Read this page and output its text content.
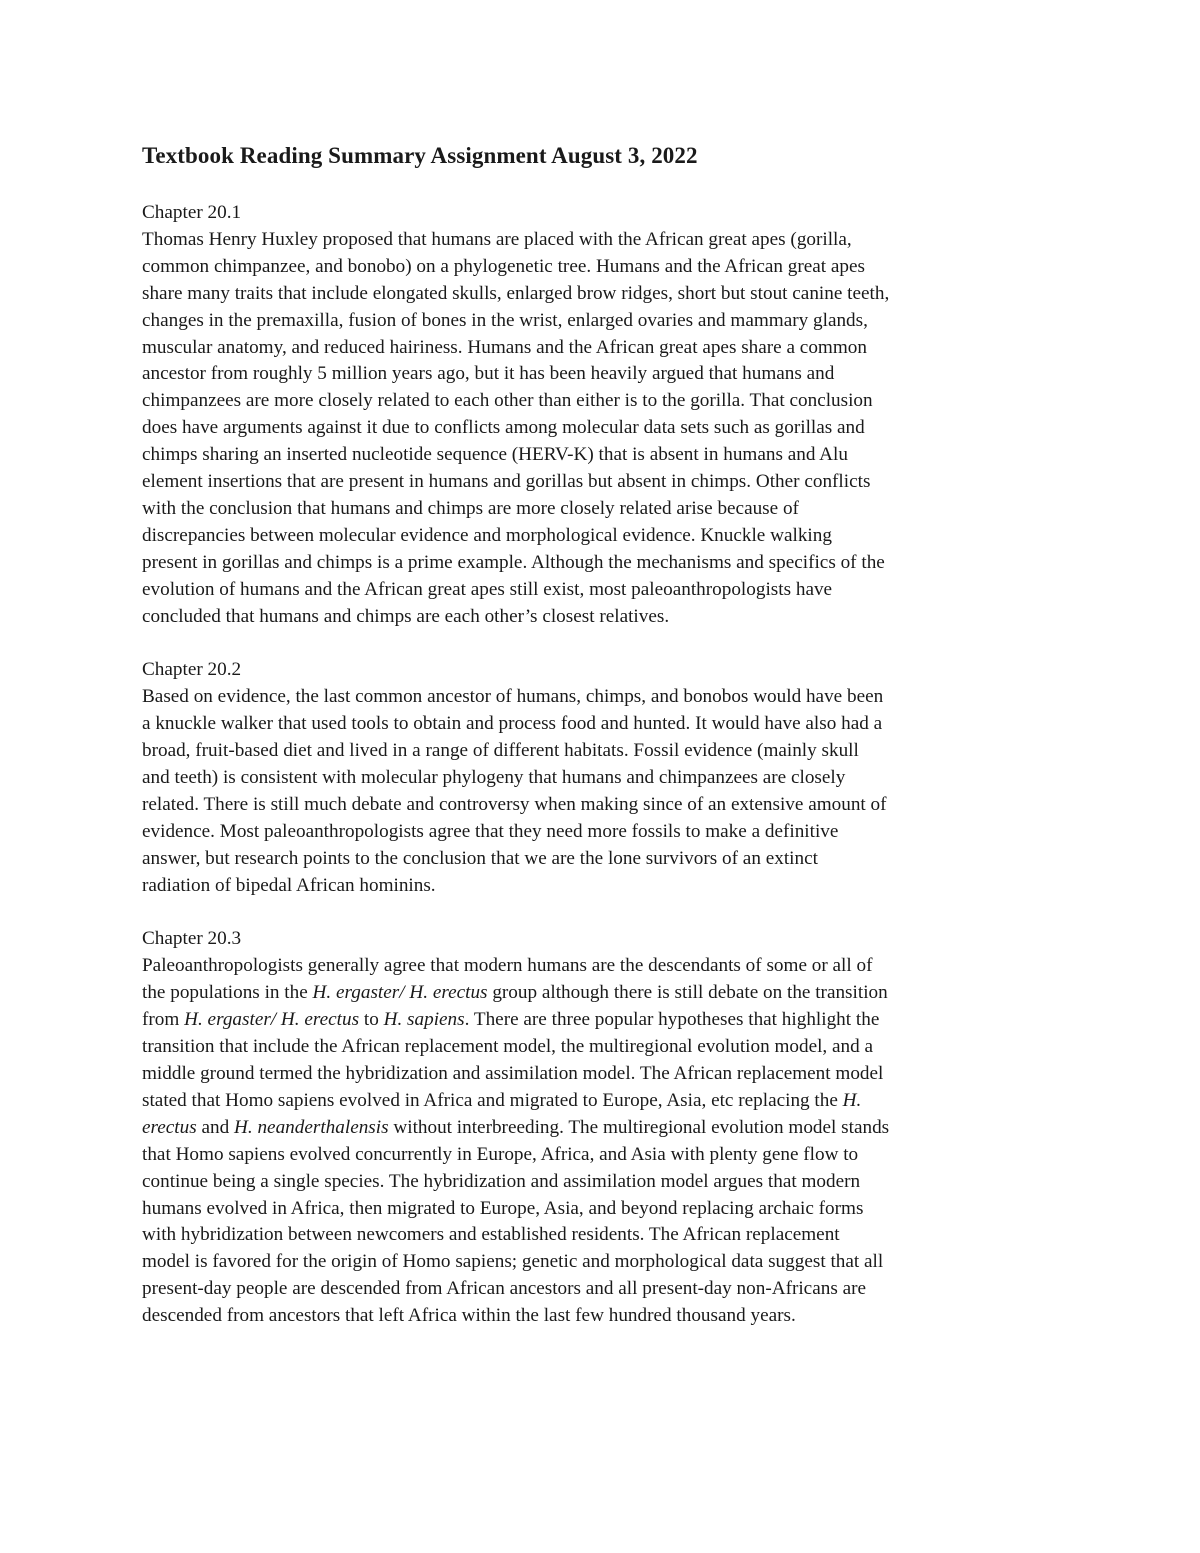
Textbook Reading Summary Assignment August 3, 2022
Chapter 20.1
Thomas Henry Huxley proposed that humans are placed with the African great apes (gorilla,
common chimpanzee, and bonobo) on a phylogenetic tree. Humans and the African great apes
share many traits that include elongated skulls, enlarged brow ridges, short but stout canine teeth,
changes in the premaxilla, fusion of bones in the wrist, enlarged ovaries and mammary glands,
muscular anatomy, and reduced hairiness. Humans and the African great apes share a common
ancestor from roughly 5 million years ago, but it has been heavily argued that humans and
chimpanzees are more closely related to each other than either is to the gorilla. That conclusion
does have arguments against it due to conflicts among molecular data sets such as gorillas and
chimps sharing an inserted nucleotide sequence (HERV-K) that is absent in humans and Alu
element insertions that are present in humans and gorillas but absent in chimps. Other conflicts
with the conclusion that humans and chimps are more closely related arise because of
discrepancies between molecular evidence and morphological evidence. Knuckle walking
present in gorillas and chimps is a prime example. Although the mechanisms and specifics of the
evolution of humans and the African great apes still exist, most paleoanthropologists have
concluded that humans and chimps are each other’s closest relatives.
Chapter 20.2
Based on evidence, the last common ancestor of humans, chimps, and bonobos would have been
a knuckle walker that used tools to obtain and process food and hunted. It would have also had a
broad, fruit-based diet and lived in a range of different habitats. Fossil evidence (mainly skull
and teeth) is consistent with molecular phylogeny that humans and chimpanzees are closely
related. There is still much debate and controversy when making since of an extensive amount of
evidence. Most paleoanthropologists agree that they need more fossils to make a definitive
answer, but research points to the conclusion that we are the lone survivors of an extinct
radiation of bipedal African hominins.
Chapter 20.3
Paleoanthropologists generally agree that modern humans are the descendants of some or all of
the populations in the H. ergaster/ H. erectus group although there is still debate on the transition
from H. ergaster/ H. erectus to H. sapiens. There are three popular hypotheses that highlight the
transition that include the African replacement model, the multiregional evolution model, and a
middle ground termed the hybridization and assimilation model. The African replacement model
stated that Homo sapiens evolved in Africa and migrated to Europe, Asia, etc replacing the H.
erectus and H. neanderthalensis without interbreeding. The multiregional evolution model stands
that Homo sapiens evolved concurrently in Europe, Africa, and Asia with plenty gene flow to
continue being a single species. The hybridization and assimilation model argues that modern
humans evolved in Africa, then migrated to Europe, Asia, and beyond replacing archaic forms
with hybridization between newcomers and established residents. The African replacement
model is favored for the origin of Homo sapiens; genetic and morphological data suggest that all
present-day people are descended from African ancestors and all present-day non-Africans are
descended from ancestors that left Africa within the last few hundred thousand years.
